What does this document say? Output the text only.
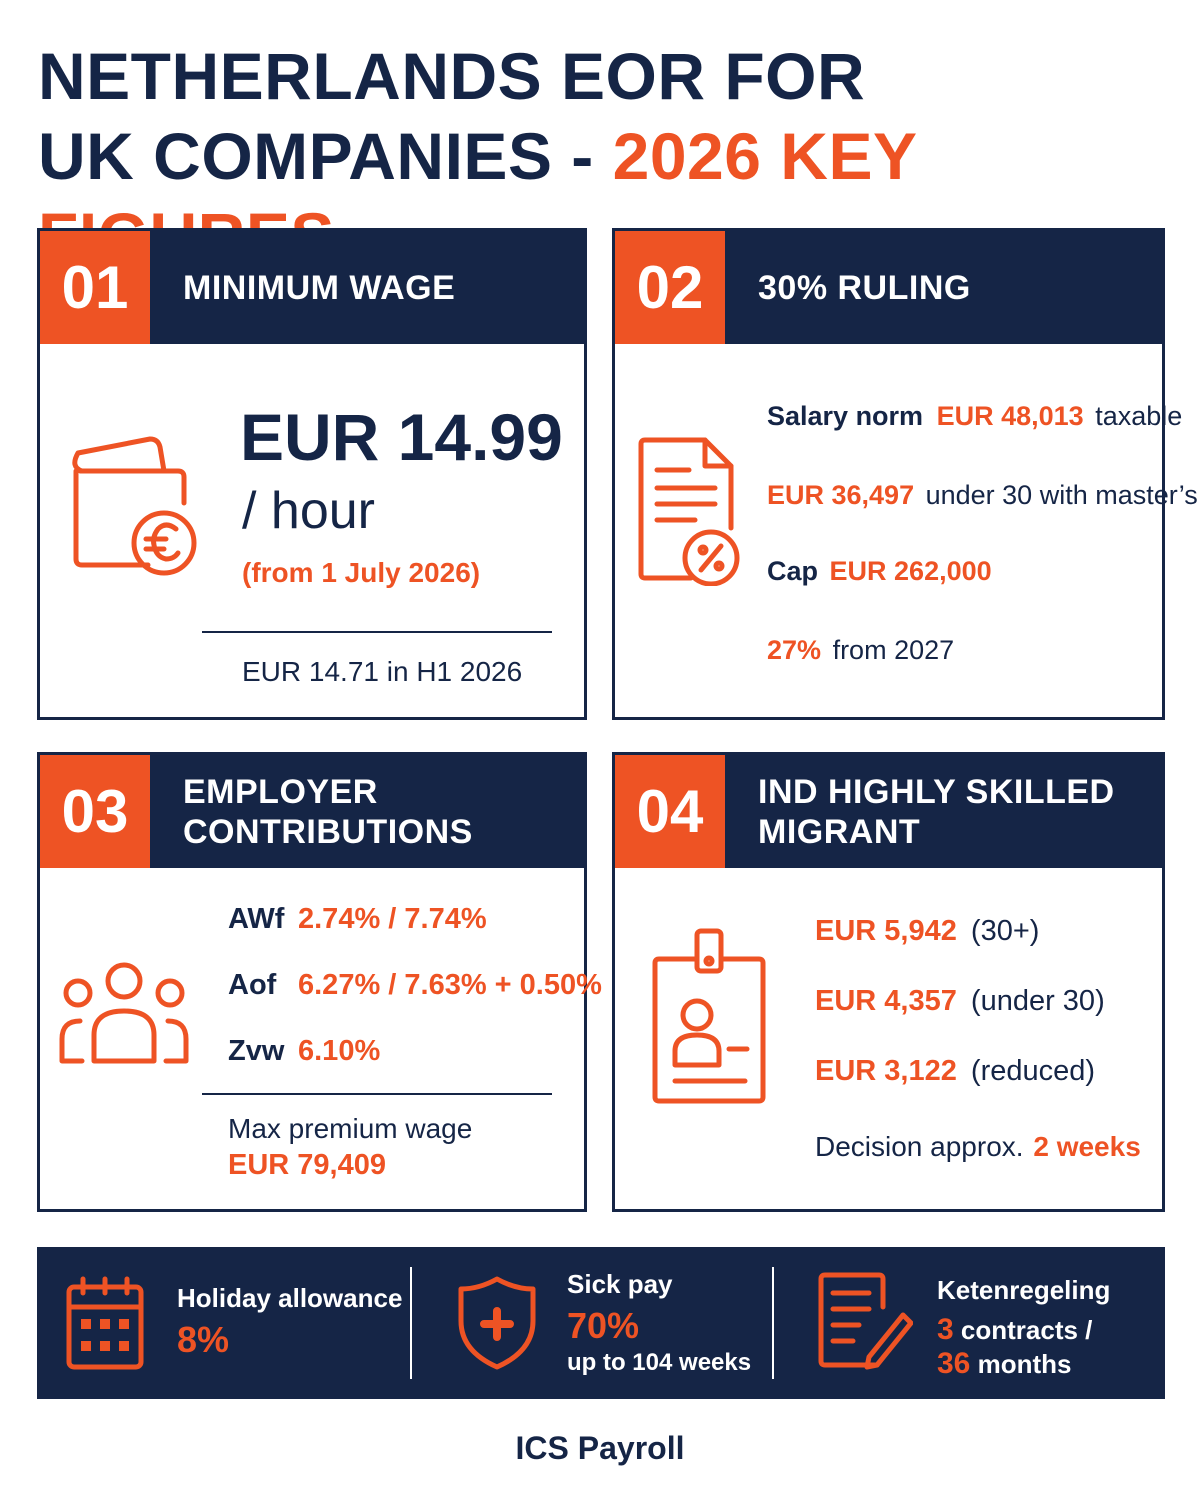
NETHERLANDS EOR FOR
UK COMPANIES - 2026 KEY
01	MINIMUM WAGE
EUR 14.99
/ hour
(from 1 July 2026)
EUR 14.71 in H1 2026
02	30% RULING
Salary norm EUR 48,013 taxable
EUR 36,497 under 30 with master’s
Cap EUR 262,000
27% from 2027
03	EMPLOYER
CONTRIBUTIONS
AWf 2.74% / 7.74%
Aof 6.27% / 7.63% + 0.50%
Zvw 6.10%
Max premium wage
EUR 79,409
04	IND HIGHLY SKILLED
MIGRANT
EUR 5,942 (30+)
EUR 4,357 (under 30)
EUR 3,122 (reduced)
Decision approx. 2 weeks
Holiday allowance
8%
Sick pay
70%
up to 104 weeks
Ketenregeling
3 contracts /
36 months
ICS Payroll
